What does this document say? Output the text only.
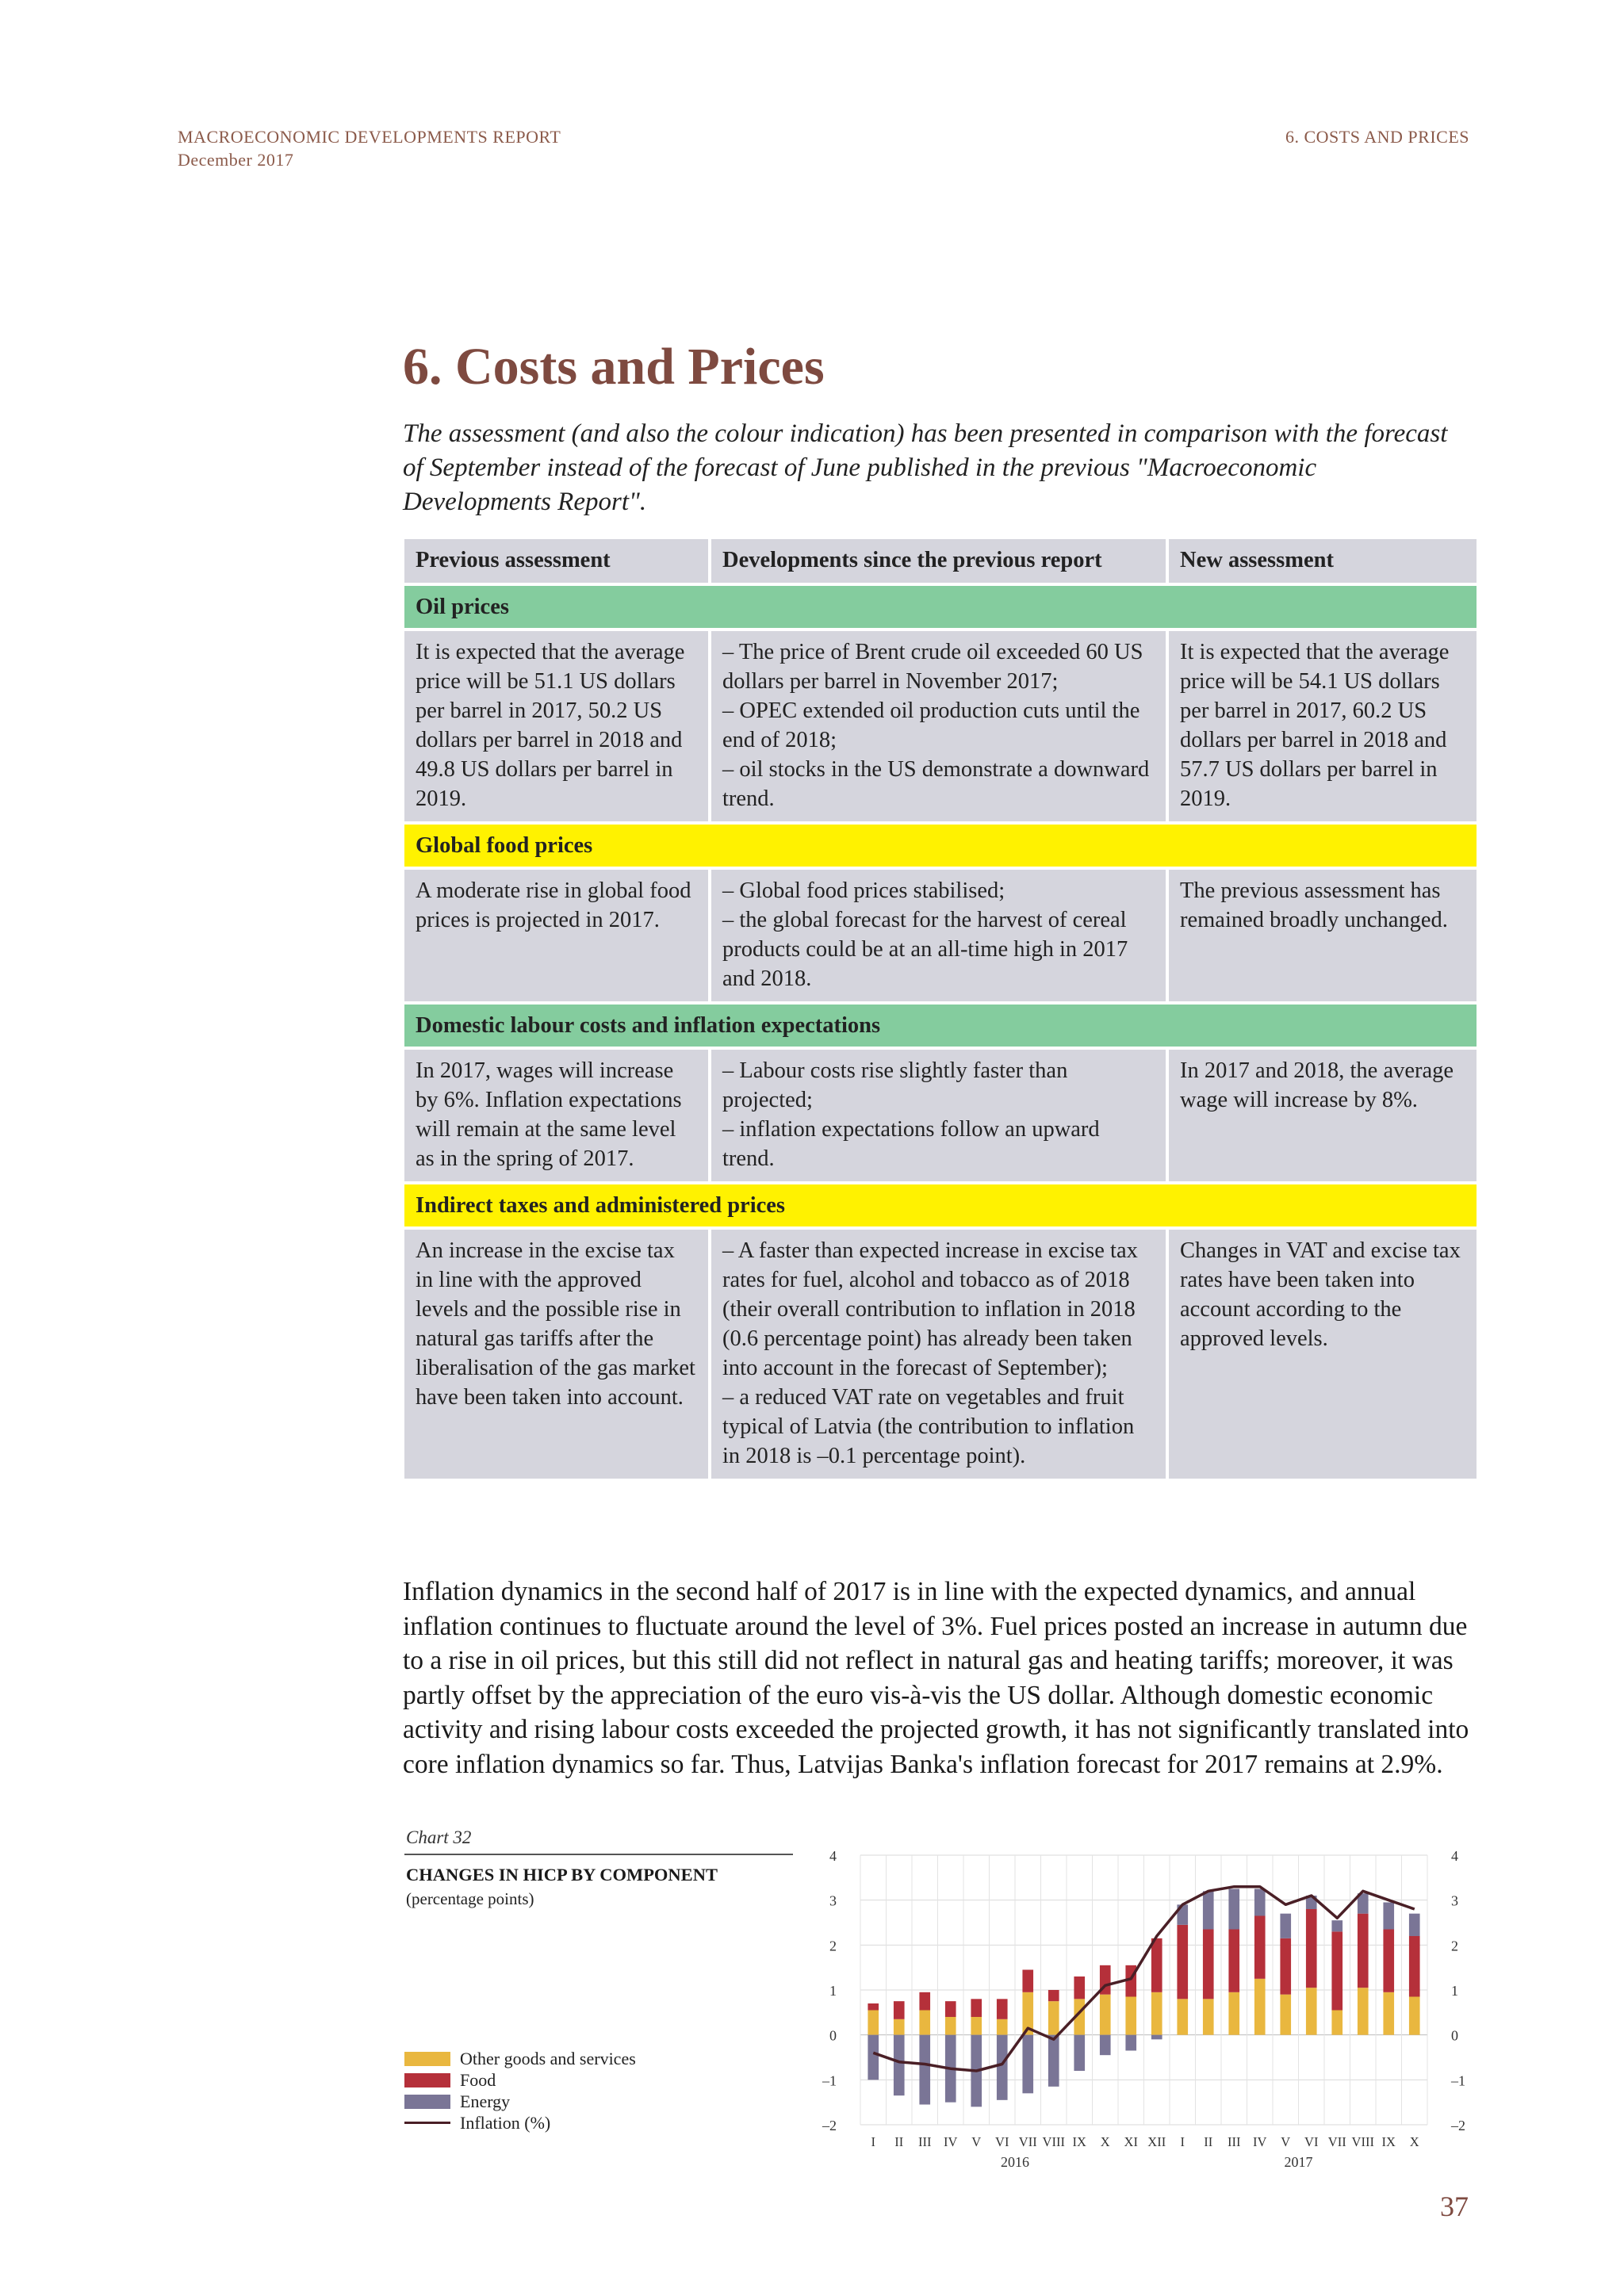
MACROECONOMIC DEVELOPMENTS REPORT
December 2017
6. COSTS AND PRICES
6. Costs and Prices
The assessment (and also the colour indication) has been presented in comparison with the forecast of September instead of the forecast of June published in the previous "Macroeconomic Developments Report".
Previous assessment	Developments since the previous report	New assessment
Oil prices		
It is expected that the average price will be 51.1 US dollars per barrel in 2017, 50.2 US dollars per barrel in 2018 and 49.8 US dollars per barrel in 2019.	– The price of Brent crude oil exceeded 60 US dollars per barrel in November 2017;
– OPEC extended oil production cuts until the end of 2018;
– oil stocks in the US demonstrate a downward trend.	It is expected that the average price will be 54.1 US dollars per barrel in 2017, 60.2 US dollars per barrel in 2018 and 57.7 US dollars per barrel in 2019.
Global food prices		
A moderate rise in global food prices is projected in 2017.	– Global food prices stabilised;
– the global forecast for the harvest of cereal products could be at an all-time high in 2017 and 2018.	The previous assessment has remained broadly unchanged.
Domestic labour costs and inflation expectations		
In 2017, wages will increase by 6%. Inflation expectations will remain at the same level as in the spring of 2017.	– Labour costs rise slightly faster than projected;
– inflation expectations follow an upward trend.	In 2017 and 2018, the average wage will increase by 8%.
Indirect taxes and administered prices		
An increase in the excise tax in line with the approved levels and the possible rise in natural gas tariffs after the liberalisation of the gas market have been taken into account.	– A faster than expected increase in excise tax rates for fuel, alcohol and tobacco as of 2018 (their overall contribution to inflation in 2018 (0.6 percentage point) has already been taken into account in the forecast of September);
– a reduced VAT rate on vegetables and fruit typical of Latvia (the contribution to inflation in 2018 is –0.1 percentage point).	Changes in VAT and excise tax rates have been taken into account according to the approved levels.
Inflation dynamics in the second half of 2017 is in line with the expected dynamics, and annual inflation continues to fluctuate around the level of 3%. Fuel prices posted an increase in autumn due to a rise in oil prices, but this still did not reflect in natural gas and heating tariffs; moreover, it was partly offset by the appreciation of the euro vis-à-vis the US dollar. Although domestic economic activity and rising labour costs exceeded the projected growth, it has not significantly translated into core inflation dynamics so far. Thus, Latvijas Banka's inflation forecast for 2017 remains at 2.9%.
Chart 32
CHANGES IN HICP BY COMPONENT
(percentage points)
Other goods and services
Food
Energy
Inflation (%)	–2	–2
–1	–1
0	0
1	1
2	2
3	3
4	4
I II III IV V VI VII VIII IX X XI XII I II III IV V VI VII VIII IX X
2016	2017
37
